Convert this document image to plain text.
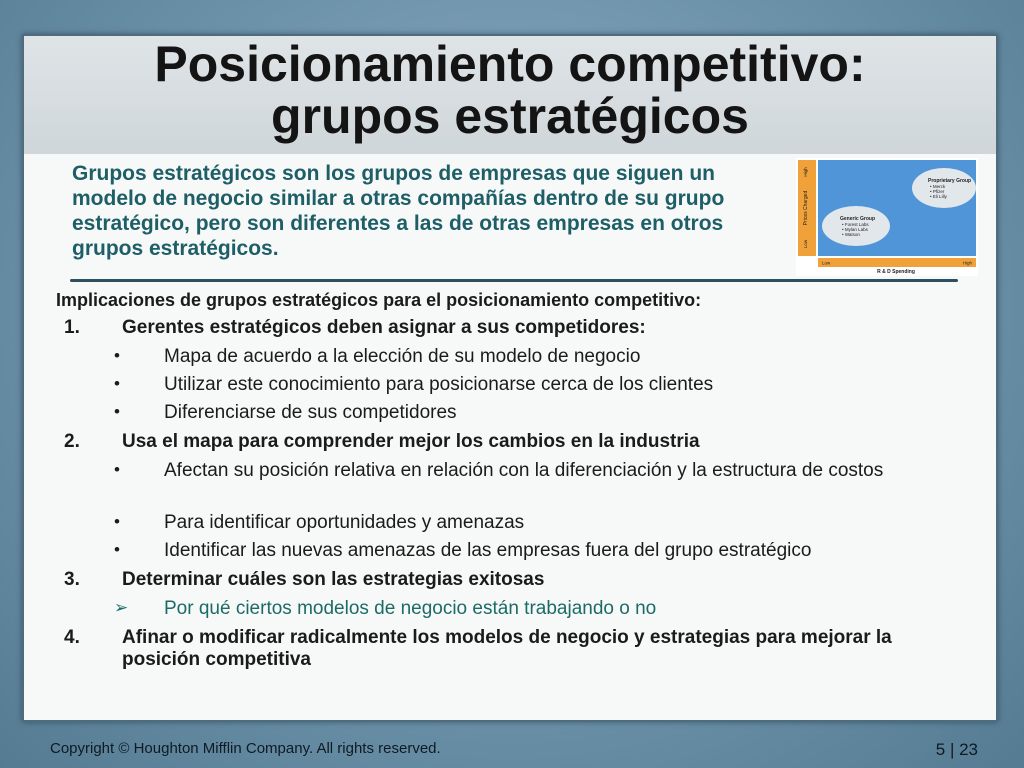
Posicionamiento competitivo:
grupos estratégicos
Grupos estratégicos son los grupos de empresas que siguen un modelo de negocio similar a otras compañías dentro de su grupo estratégico, pero son diferentes a las de otras empresas en otros grupos estratégicos.
Prices Charged
High
Low
Proprietary Group
• Merck
• Pfizer
• Eli Lilly
Generic Group
• Forest Labs
• Mylan Labs
• Watson
Low	High
R & D Spending
Implicaciones de grupos estratégicos para el posicionamiento competitivo:
1. Gerentes estratégicos deben asignar a sus competidores:
• Mapa de acuerdo a la elección de su modelo de negocio
• Utilizar este conocimiento para posicionarse cerca de los clientes
• Diferenciarse de sus competidores
2. Usa el mapa para comprender mejor los cambios en la industria
• Afectan su posición relativa en relación con la diferenciación y la estructura de costos
• Para identificar oportunidades y amenazas
• Identificar las nuevas amenazas de las empresas fuera del grupo estratégico
3. Determinar cuáles son las estrategias exitosas
➢ Por qué ciertos modelos de negocio están trabajando o no
4. Afinar o modificar radicalmente los modelos de negocio y estrategias para mejorar la posición competitiva
Copyright © Houghton Mifflin Company. All rights reserved.	5 | 23
